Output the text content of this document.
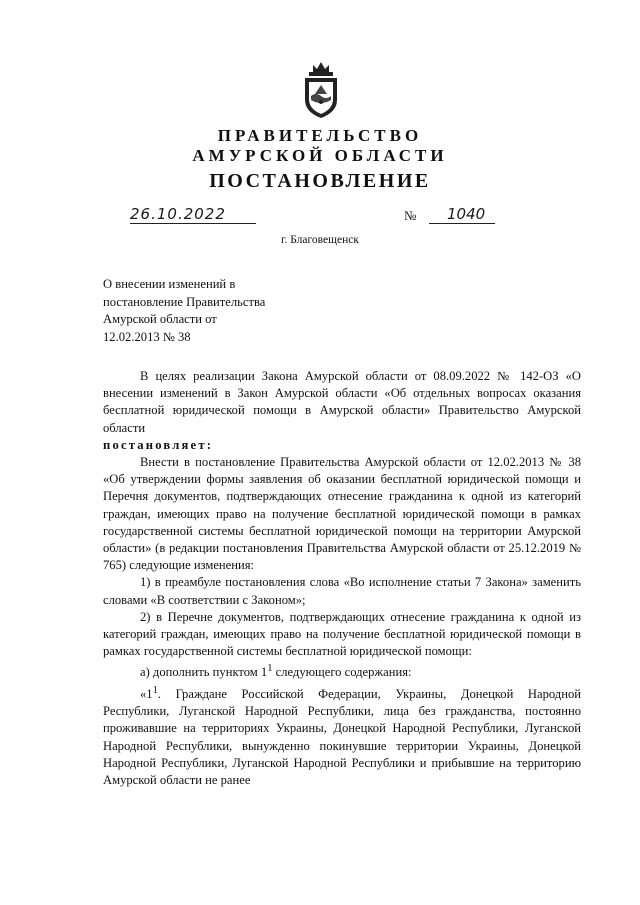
ПРАВИТЕЛЬСТВО
АМУРСКОЙ ОБЛАСТИ
ПОСТАНОВЛЕНИЕ
26.10.2022	№	1040
г. Благовещенск
О внесении изменений в
постановление Правительства
Амурской области от
12.02.2013 № 38
В целях реализации Закона Амурской области от 08.09.2022 № 142-ОЗ «О внесении изменений в Закон Амурской области «Об отдельных вопросах оказания бесплатной юридической помощи в Амурской области» Правительство Амурской области
постановляет:
Внести в постановление Правительства Амурской области от 12.02.2013 № 38 «Об утверждении формы заявления об оказании бесплатной юридической помощи и Перечня документов, подтверждающих отнесение гражданина к одной из категорий граждан, имеющих право на получение бесплатной юридической помощи в рамках государственной системы бесплатной юридической помощи на территории Амурской области» (в редакции постановления Правительства Амурской области от 25.12.2019 № 765) следующие изменения:
1) в преамбуле постановления слова «Во исполнение статьи 7 Закона» заменить словами «В соответствии с Законом»;
2) в Перечне документов, подтверждающих отнесение гражданина к одной из категорий граждан, имеющих право на получение бесплатной юридической помощи в рамках государственной системы бесплатной юридической помощи:
а) дополнить пунктом $1^1$ следующего содержания:
«$1^1$. Граждане Российской Федерации, Украины, Донецкой Народной Республики, Луганской Народной Республики, лица без гражданства, постоянно проживавшие на территориях Украины, Донецкой Народной Республики, Луганской Народной Республики, вынужденно покинувшие территории Украины, Донецкой Народной Республики, Луганской Народной Республики и прибывшие на территорию Амурской области не ранее
